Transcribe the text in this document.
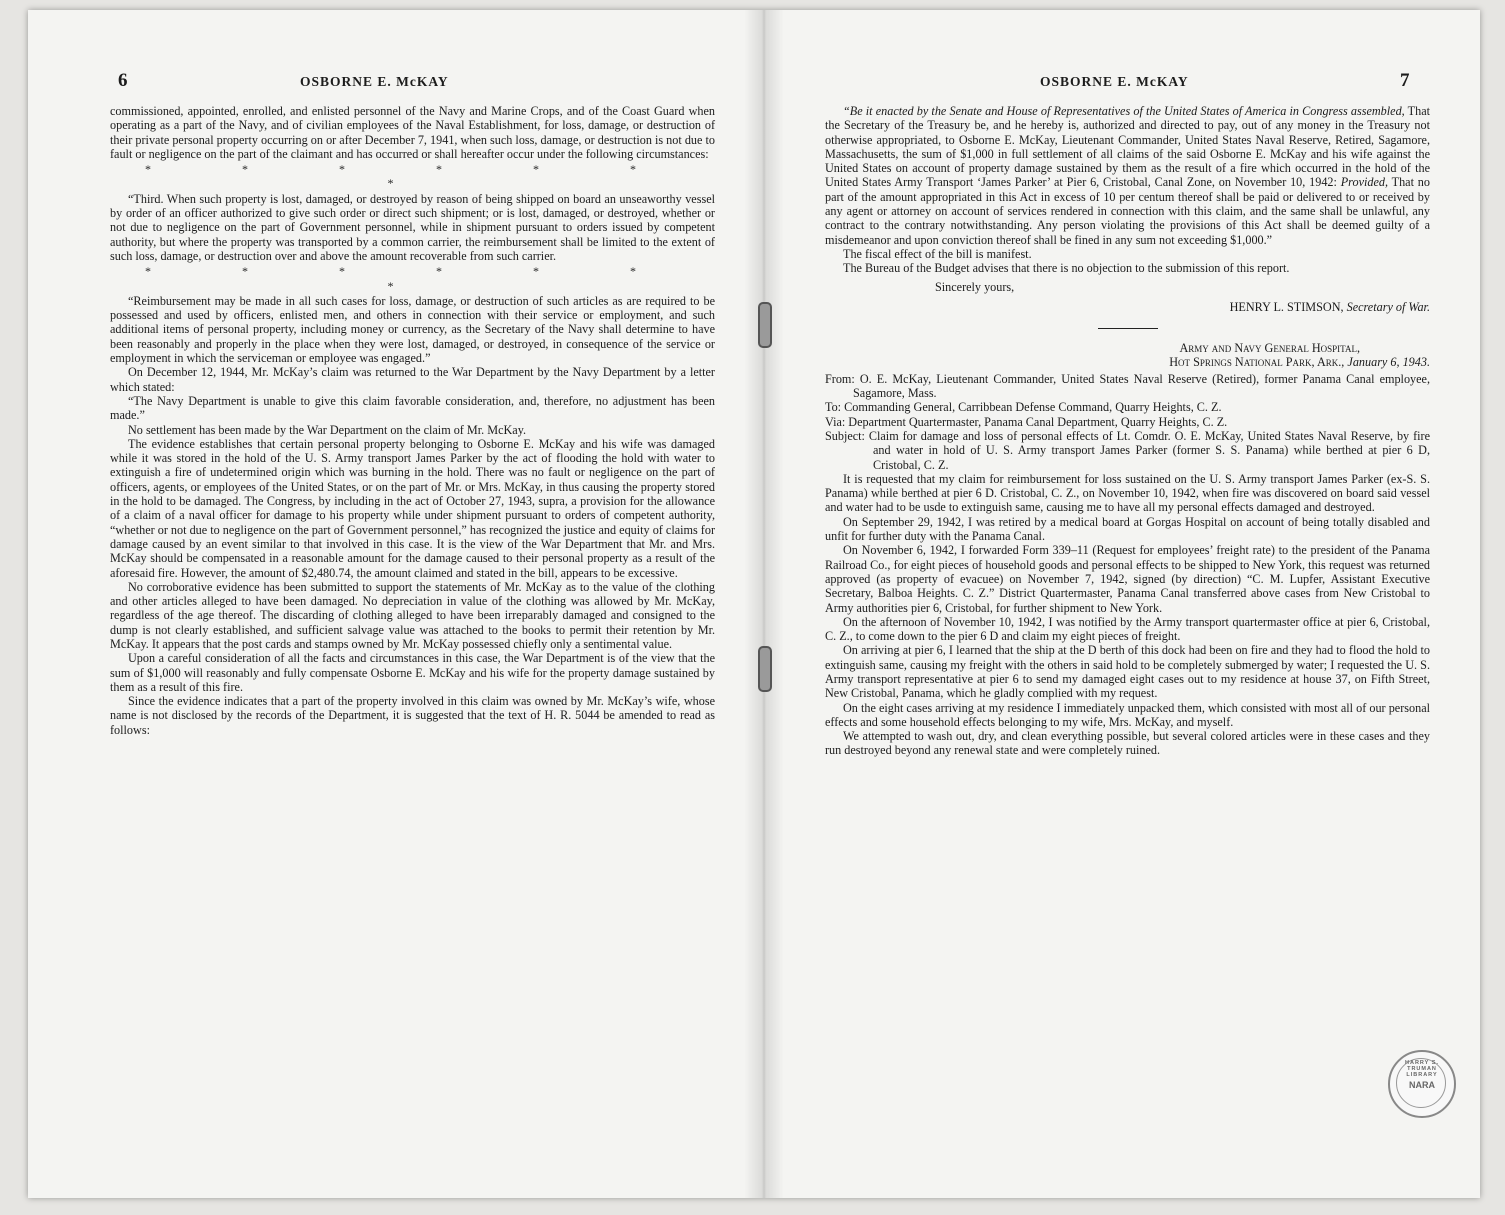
6	OSBORNE E. McKAY

commissioned, appointed, enrolled, and enlisted personnel of the Navy and Marine Crops, and of the Coast Guard when operating as a part of the Navy, and of civilian employees of the Naval Establishment, for loss, damage, or destruction of their private personal property occurring on or after December 7, 1941, when such loss, damage, or destruction is not due to fault or negligence on the part of the claimant and has occurred or shall hereafter occur under the following circumstances:

* * * * * * *

“Third. When such property is lost, damaged, or destroyed by reason of being shipped on board an unseaworthy vessel by order of an officer authorized to give such order or direct such shipment; or is lost, damaged, or destroyed, whether or not due to negligence on the part of Government personnel, while in shipment pursuant to orders issued by competent authority, but where the property was transported by a common carrier, the reimbursement shall be limited to the extent of such loss, damage, or destruction over and above the amount recoverable from such carrier.

* * * * * * *

“Reimbursement may be made in all such cases for loss, damage, or destruction of such articles as are required to be possessed and used by officers, enlisted men, and others in connection with their service or employment, and such additional items of personal property, including money or currency, as the Secretary of the Navy shall determine to have been reasonably and properly in the place when they were lost, damaged, or destroyed, in consequence of the service or employment in which the serviceman or employee was engaged.”

On December 12, 1944, Mr. McKay’s claim was returned to the War Department by the Navy Department by a letter which stated:

“The Navy Department is unable to give this claim favorable consideration, and, therefore, no adjustment has been made.”

No settlement has been made by the War Department on the claim of Mr. McKay.

The evidence establishes that certain personal property belonging to Osborne E. McKay and his wife was damaged while it was stored in the hold of the U. S. Army transport James Parker by the act of flooding the hold with water to extinguish a fire of undetermined origin which was burning in the hold. There was no fault or negligence on the part of officers, agents, or employees of the United States, or on the part of Mr. or Mrs. McKay, in thus causing the property stored in the hold to be damaged. The Congress, by including in the act of October 27, 1943, supra, a provision for the allowance of a claim of a naval officer for damage to his property while under shipment pursuant to orders of competent authority, “whether or not due to negligence on the part of Government personnel,” has recognized the justice and equity of claims for damage caused by an event similar to that involved in this case. It is the view of the War Department that Mr. and Mrs. McKay should be compensated in a reasonable amount for the damage caused to their personal property as a result of the aforesaid fire. However, the amount of $2,480.74, the amount claimed and stated in the bill, appears to be excessive.

No corroborative evidence has been submitted to support the statements of Mr. McKay as to the value of the clothing and other articles alleged to have been damaged. No depreciation in value of the clothing was allowed by Mr. McKay, regardless of the age thereof. The discarding of clothing alleged to have been irreparably damaged and consigned to the dump is not clearly established, and sufficient salvage value was attached to the books to permit their retention by Mr. McKay. It appears that the post cards and stamps owned by Mr. McKay possessed chiefly only a sentimental value.

Upon a careful consideration of all the facts and circumstances in this case, the War Department is of the view that the sum of $1,000 will reasonably and fully compensate Osborne E. McKay and his wife for the property damage sustained by them as a result of this fire.

Since the evidence indicates that a part of the property involved in this claim was owned by Mr. McKay’s wife, whose name is not disclosed by the records of the Department, it is suggested that the text of H. R. 5044 be amended to read as follows:

OSBORNE E. McKAY	7

“Be it enacted by the Senate and House of Representatives of the United States of America in Congress assembled, That the Secretary of the Treasury be, and he hereby is, authorized and directed to pay, out of any money in the Treasury not otherwise appropriated, to Osborne E. McKay, Lieutenant Commander, United States Naval Reserve, Retired, Sagamore, Massachusetts, the sum of $1,000 in full settlement of all claims of the said Osborne E. McKay and his wife against the United States on account of property damage sustained by them as the result of a fire which occurred in the hold of the United States Army Transport ‘James Parker’ at Pier 6, Cristobal, Canal Zone, on November 10, 1942: Provided, That no part of the amount appropriated in this Act in excess of 10 per centum thereof shall be paid or delivered to or received by any agent or attorney on account of services rendered in connection with this claim, and the same shall be unlawful, any contract to the contrary notwithstanding. Any person violating the provisions of this Act shall be deemed guilty of a misdemeanor and upon conviction thereof shall be fined in any sum not exceeding $1,000.”

The fiscal effect of the bill is manifest.

The Bureau of the Budget advises that there is no objection to the submission of this report.

Sincerely yours,
HENRY L. STIMSON, Secretary of War.
Army and Navy General Hospital,
Hot Springs National Park, Ark., January 6, 1943.

From: O. E. McKay, Lieutenant Commander, United States Naval Reserve (Retired), former Panama Canal employee, Sagamore, Mass.

To: Commanding General, Carribbean Defense Command, Quarry Heights, C. Z.

Via: Department Quartermaster, Panama Canal Department, Quarry Heights, C. Z.

Subject: Claim for damage and loss of personal effects of Lt. Comdr. O. E. McKay, United States Naval Reserve, by fire and water in hold of U. S. Army transport James Parker (former S. S. Panama) while berthed at pier 6 D, Cristobal, C. Z.

It is requested that my claim for reimbursement for loss sustained on the U. S. Army transport James Parker (ex-S. S. Panama) while berthed at pier 6 D. Cristobal, C. Z., on November 10, 1942, when fire was discovered on board said vessel and water had to be usde to extinguish same, causing me to have all my personal effects damaged and destroyed.

On September 29, 1942, I was retired by a medical board at Gorgas Hospital on account of being totally disabled and unfit for further duty with the Panama Canal.

On November 6, 1942, I forwarded Form 339–11 (Request for employees’ freight rate) to the president of the Panama Railroad Co., for eight pieces of household goods and personal effects to be shipped to New York, this request was returned approved (as property of evacuee) on November 7, 1942, signed (by direction) “C. M. Lupfer, Assistant Executive Secretary, Balboa Heights. C. Z.” District Quartermaster, Panama Canal transferred above cases from New Cristobal to Army authorities pier 6, Cristobal, for further shipment to New York.

On the afternoon of November 10, 1942, I was notified by the Army transport quartermaster office at pier 6, Cristobal, C. Z., to come down to the pier 6 D and claim my eight pieces of freight.

On arriving at pier 6, I learned that the ship at the D berth of this dock had been on fire and they had to flood the hold to extinguish same, causing my freight with the others in said hold to be completely submerged by water; I requested the U. S. Army transport representative at pier 6 to send my damaged eight cases out to my residence at house 37, on Fifth Street, New Cristobal, Panama, which he gladly complied with my request.

On the eight cases arriving at my residence I immediately unpacked them, which consisted with most all of our personal effects and some household effects belonging to my wife, Mrs. McKay, and myself.

We attempted to wash out, dry, and clean everything possible, but several colored articles were in these cases and they run destroyed beyond any renewal state and were completely ruined.

HARRY S. TRUMAN LIBRARY
NARA
